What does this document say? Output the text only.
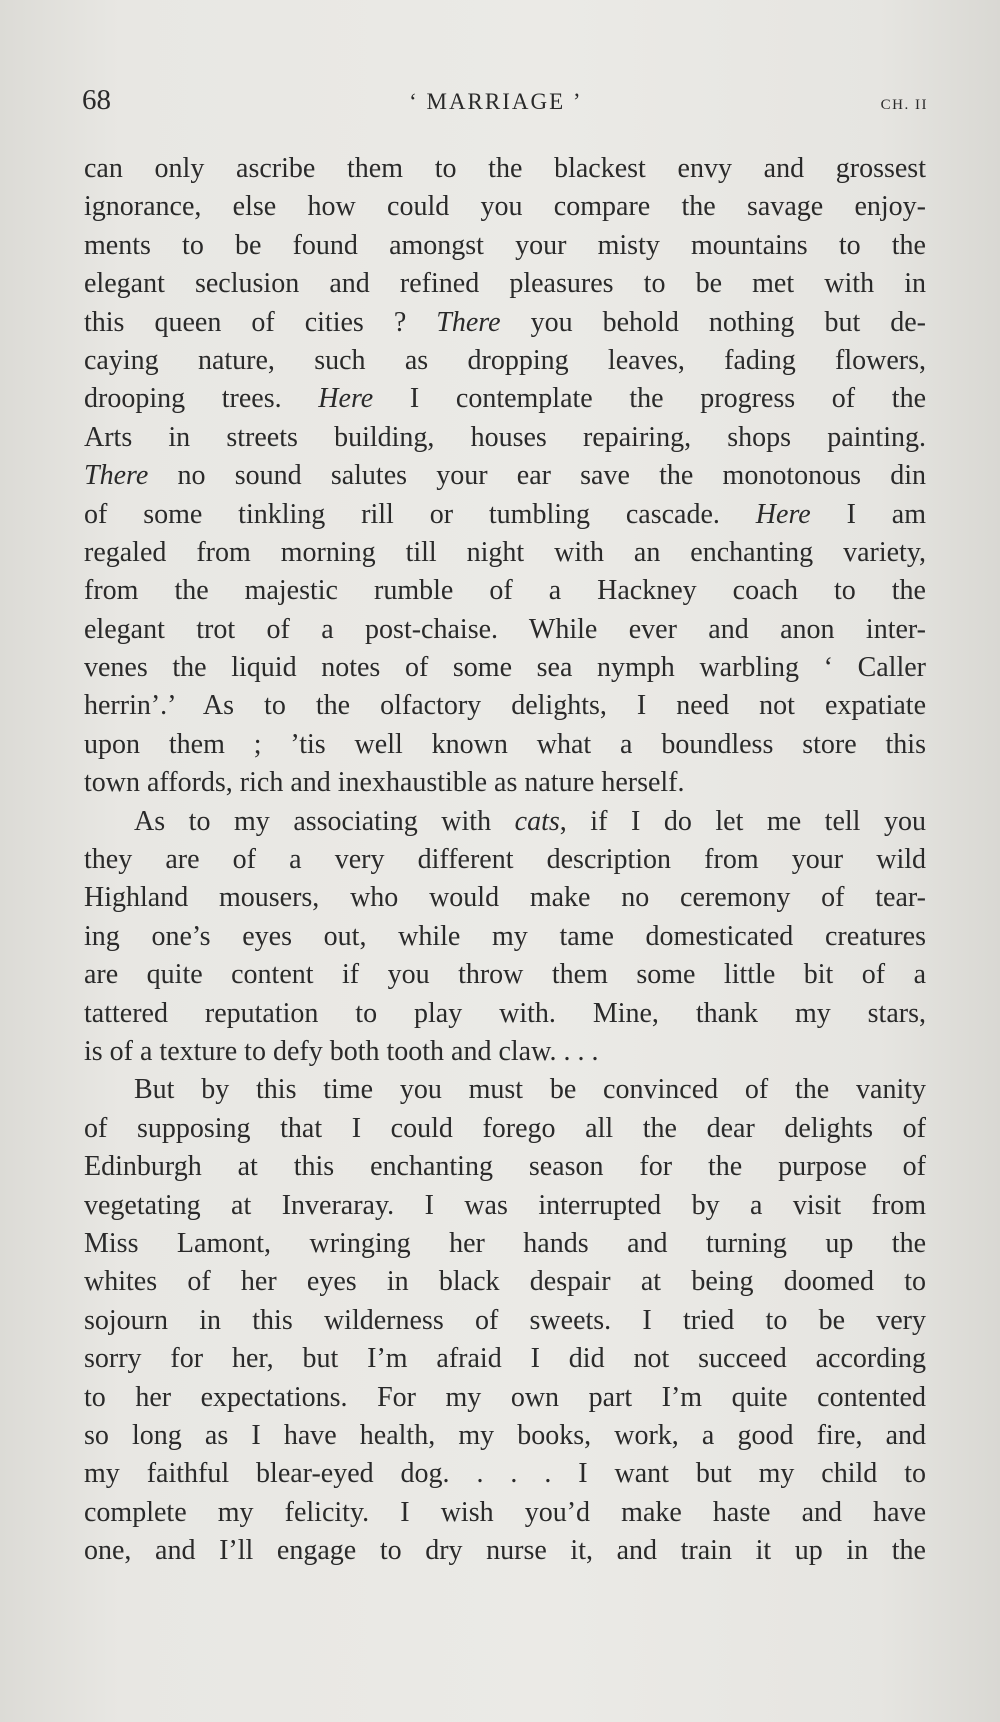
68	‘ MARRIAGE ’	CH. II
can only ascribe them to the blackest envy and grossest
ignorance, else how could you compare the savage enjoy-
ments to be found amongst your misty mountains to the
elegant seclusion and refined pleasures to be met with in
this queen of cities ? There you behold nothing but de-
caying nature, such as dropping leaves, fading flowers,
drooping trees. Here I contemplate the progress of the
Arts in streets building, houses repairing, shops painting.
There no sound salutes your ear save the monotonous din
of some tinkling rill or tumbling cascade. Here I am
regaled from morning till night with an enchanting variety,
from the majestic rumble of a Hackney coach to the
elegant trot of a post-chaise. While ever and anon inter-
venes the liquid notes of some sea nymph warbling ‘ Caller
herrin’.’ As to the olfactory delights, I need not expatiate
upon them ; ’tis well known what a boundless store this
town affords, rich and inexhaustible as nature herself.
As to my associating with cats, if I do let me tell you
they are of a very different description from your wild
Highland mousers, who would make no ceremony of tear-
ing one’s eyes out, while my tame domesticated creatures
are quite content if you throw them some little bit of a
tattered reputation to play with. Mine, thank my stars,
is of a texture to defy both tooth and claw. . . .
But by this time you must be convinced of the vanity
of supposing that I could forego all the dear delights of
Edinburgh at this enchanting season for the purpose of
vegetating at Inveraray. I was interrupted by a visit from
Miss Lamont, wringing her hands and turning up the
whites of her eyes in black despair at being doomed to
sojourn in this wilderness of sweets. I tried to be very
sorry for her, but I’m afraid I did not succeed according
to her expectations. For my own part I’m quite contented
so long as I have health, my books, work, a good fire, and
my faithful blear-eyed dog. . . . I want but my child to
complete my felicity. I wish you’d make haste and have
one, and I’ll engage to dry nurse it, and train it up in the
